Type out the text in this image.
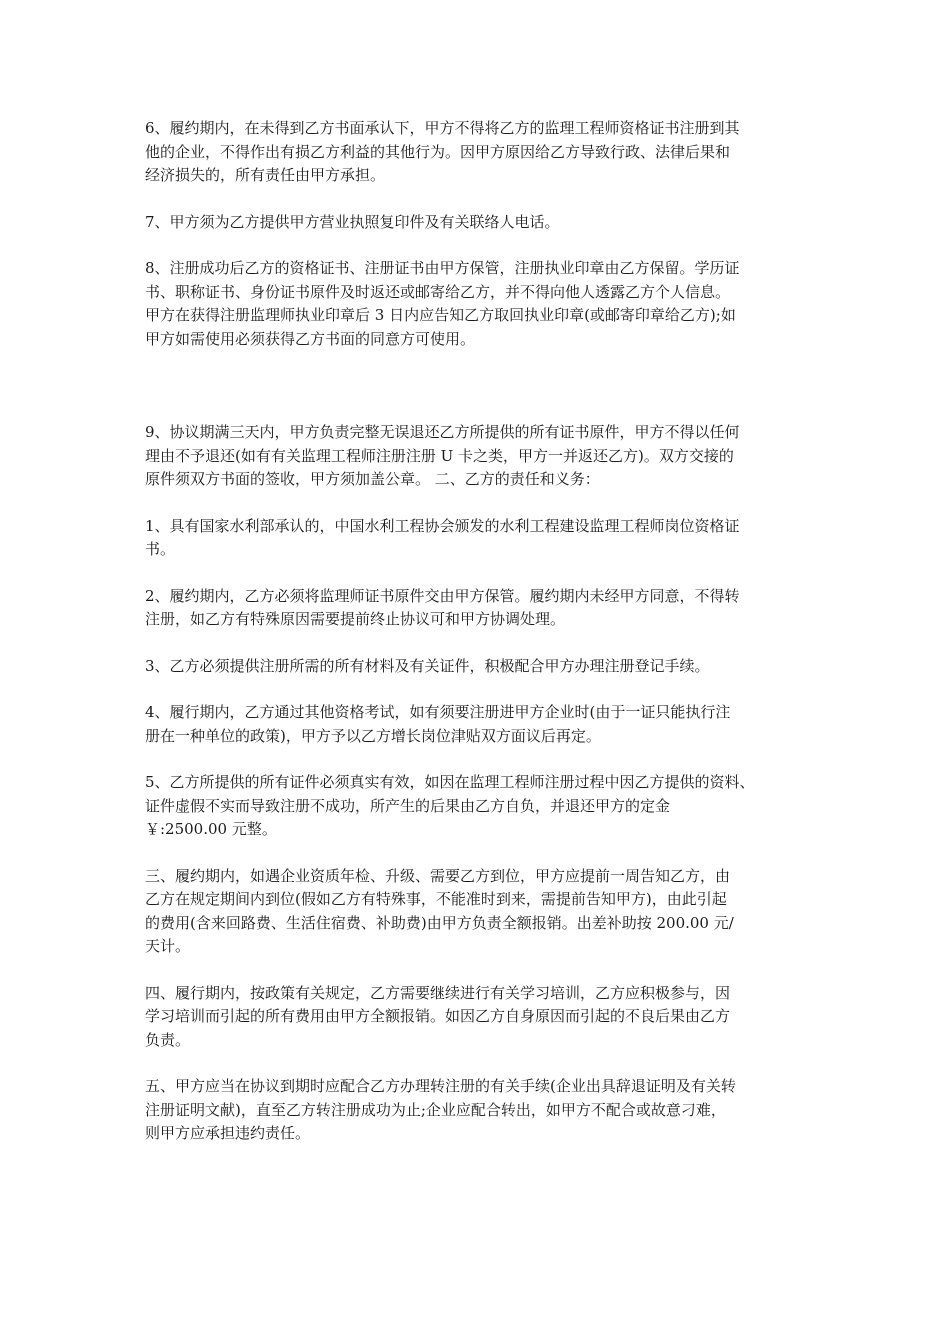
6、履约期内，在未得到乙方书面承认下，甲方不得将乙方的监理工程师资格证书注册到其
他的企业，不得作出有损乙方利益的其他行为。因甲方原因给乙方导致行政、法律后果和
经济损失的，所有责任由甲方承担。

7、甲方须为乙方提供甲方营业执照复印件及有关联络人电话。

8、注册成功后乙方的资格证书、注册证书由甲方保管，注册执业印章由乙方保留。学历证
书、职称证书、身份证书原件及时返还或邮寄给乙方，并不得向他人透露乙方个人信息。
甲方在获得注册监理师执业印章后 3 日内应告知乙方取回执业印章(或邮寄印章给乙方);如
甲方如需使用必须获得乙方书面的同意方可使用。

9、协议期满三天内，甲方负责完整无误退还乙方所提供的所有证书原件，甲方不得以任何
理由不予退还(如有有关监理工程师注册注册 U 卡之类，甲方一并返还乙方)。双方交接的
原件须双方书面的签收，甲方须加盖公章。 二、乙方的责任和义务：

1、具有国家水利部承认的，中国水利工程协会颁发的水利工程建设监理工程师岗位资格证
书。

2、履约期内，乙方必须将监理师证书原件交由甲方保管。履约期内未经甲方同意，不得转
注册，如乙方有特殊原因需要提前终止协议可和甲方协调处理。

3、乙方必须提供注册所需的所有材料及有关证件，积极配合甲方办理注册登记手续。

4、履行期内，乙方通过其他资格考试，如有须要注册进甲方企业时(由于一证只能执行注
册在一种单位的政策)，甲方予以乙方增长岗位津贴双方面议后再定。

5、乙方所提供的所有证件必须真实有效，如因在监理工程师注册过程中因乙方提供的资料、
证件虚假不实而导致注册不成功，所产生的后果由乙方自负，并退还甲方的定金
￥:2500.00 元整。

三、履约期内，如遇企业资质年检、升级、需要乙方到位，甲方应提前一周告知乙方，由
乙方在规定期间内到位(假如乙方有特殊事，不能准时到来，需提前告知甲方)，由此引起
的费用(含来回路费、生活住宿费、补助费)由甲方负责全额报销。出差补助按 200.00 元/
天计。

四、履行期内，按政策有关规定，乙方需要继续进行有关学习培训，乙方应积极参与，因
学习培训而引起的所有费用由甲方全额报销。如因乙方自身原因而引起的不良后果由乙方
负责。

五、甲方应当在协议到期时应配合乙方办理转注册的有关手续(企业出具辞退证明及有关转
注册证明文献)，直至乙方转注册成功为止;企业应配合转出，如甲方不配合或故意刁难，
则甲方应承担违约责任。
